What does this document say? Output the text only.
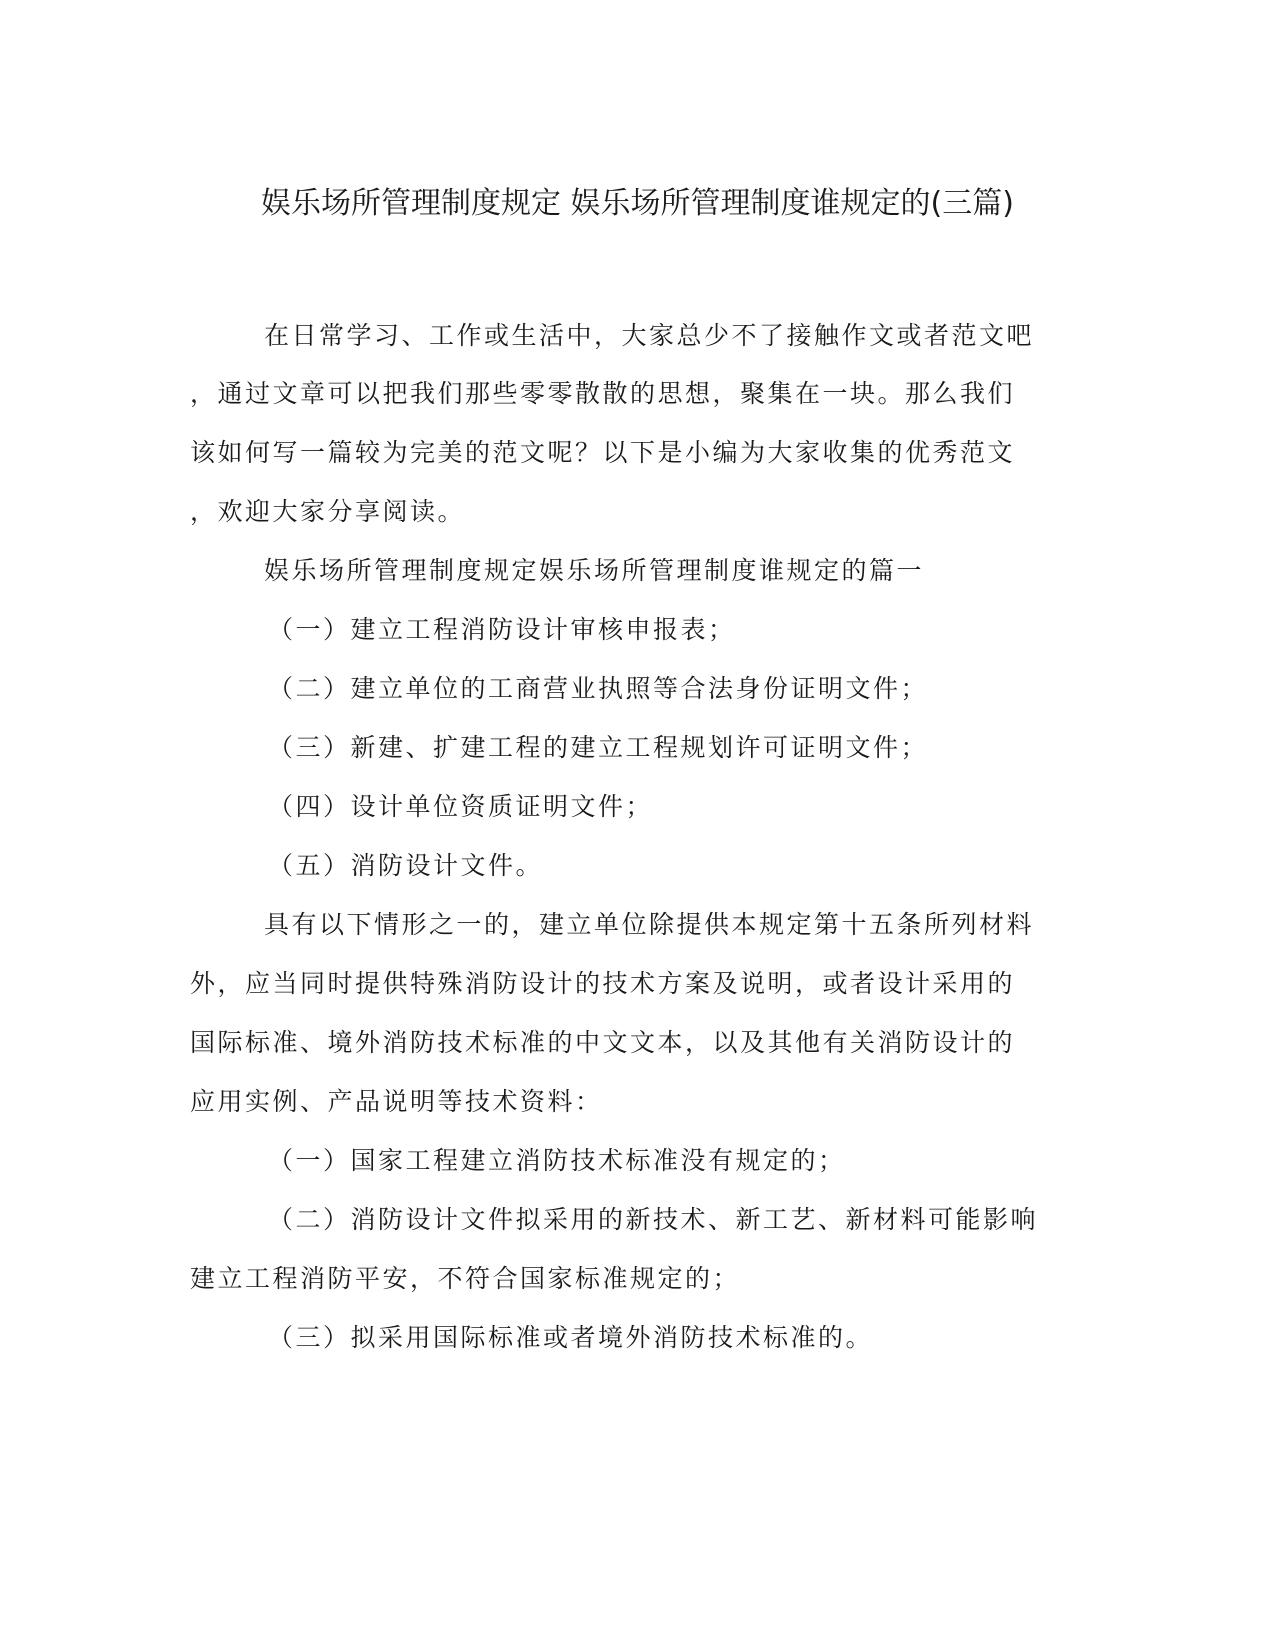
娱乐场所管理制度规定 娱乐场所管理制度谁规定的(三篇)
在日常学习、工作或生活中，大家总少不了接触作文或者范文吧
，通过文章可以把我们那些零零散散的思想，聚集在一块。那么我们
该如何写一篇较为完美的范文呢？以下是小编为大家收集的优秀范文
，欢迎大家分享阅读。
娱乐场所管理制度规定娱乐场所管理制度谁规定的篇一
（一）建立工程消防设计审核申报表；
（二）建立单位的工商营业执照等合法身份证明文件；
（三）新建、扩建工程的建立工程规划许可证明文件；
（四）设计单位资质证明文件；
（五）消防设计文件。
具有以下情形之一的，建立单位除提供本规定第十五条所列材料
外，应当同时提供特殊消防设计的技术方案及说明，或者设计采用的
国际标准、境外消防技术标准的中文文本，以及其他有关消防设计的
应用实例、产品说明等技术资料：
（一）国家工程建立消防技术标准没有规定的；
（二）消防设计文件拟采用的新技术、新工艺、新材料可能影响
建立工程消防平安，不符合国家标准规定的；
（三）拟采用国际标准或者境外消防技术标准的。
